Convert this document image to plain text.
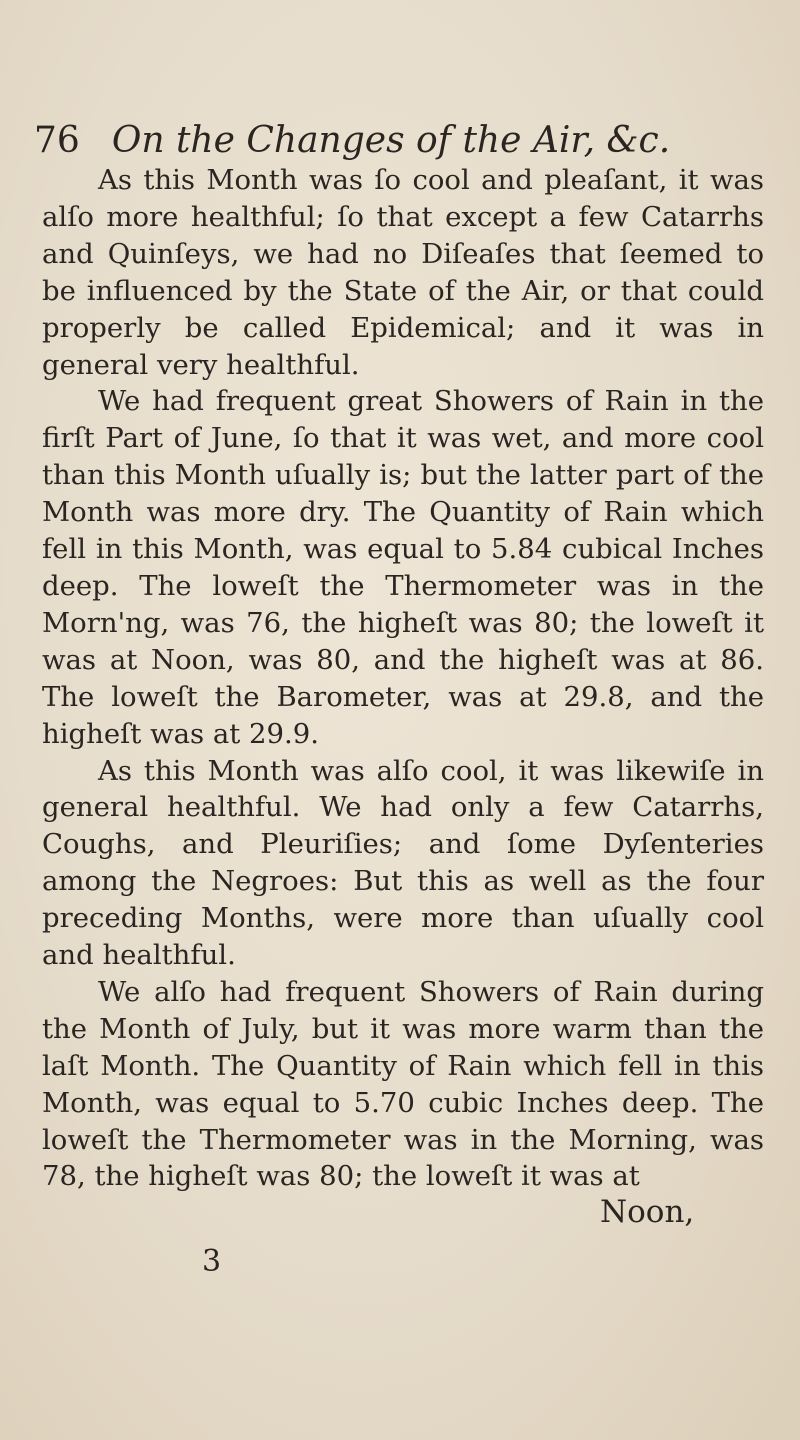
76 On the Changes of the Air, &c.

As this Month was ſo cool and pleaſant, it was alſo more healthful; ſo that except a few Catarrhs and Quinſeys, we had no Diſeaſes that ſeemed to be influenced by the State of the Air, or that could properly be called Epidemical; and it was in general very healthful.

We had frequent great Showers of Rain in the firſt Part of June, ſo that it was wet, and more cool than this Month uſually is; but the latter part of the Month was more dry. The Quantity of Rain which fell in this Month, was equal to 5.84 cubical Inches deep. The loweſt the Thermometer was in the Morn'ng, was 76, the higheſt was 80; the loweſt it was at Noon, was 80, and the higheſt was at 86. The loweſt the Barometer, was at 29.8, and the higheſt was at 29.9.

As this Month was alſo cool, it was likewiſe in general healthful. We had only a few Catarrhs, Coughs, and Pleuriſies; and ſome Dyſenteries among the Negroes: But this as well as the four preceding Months, were more than uſually cool and healthful.

We alſo had frequent Showers of Rain during the Month of July, but it was more warm than the laſt Month. The Quantity of Rain which fell in this Month, was equal to 5.70 cubic Inches deep. The loweſt the Thermometer was in the Morning, was 78, the higheſt was 80; the loweſt it was at

Noon,
3
